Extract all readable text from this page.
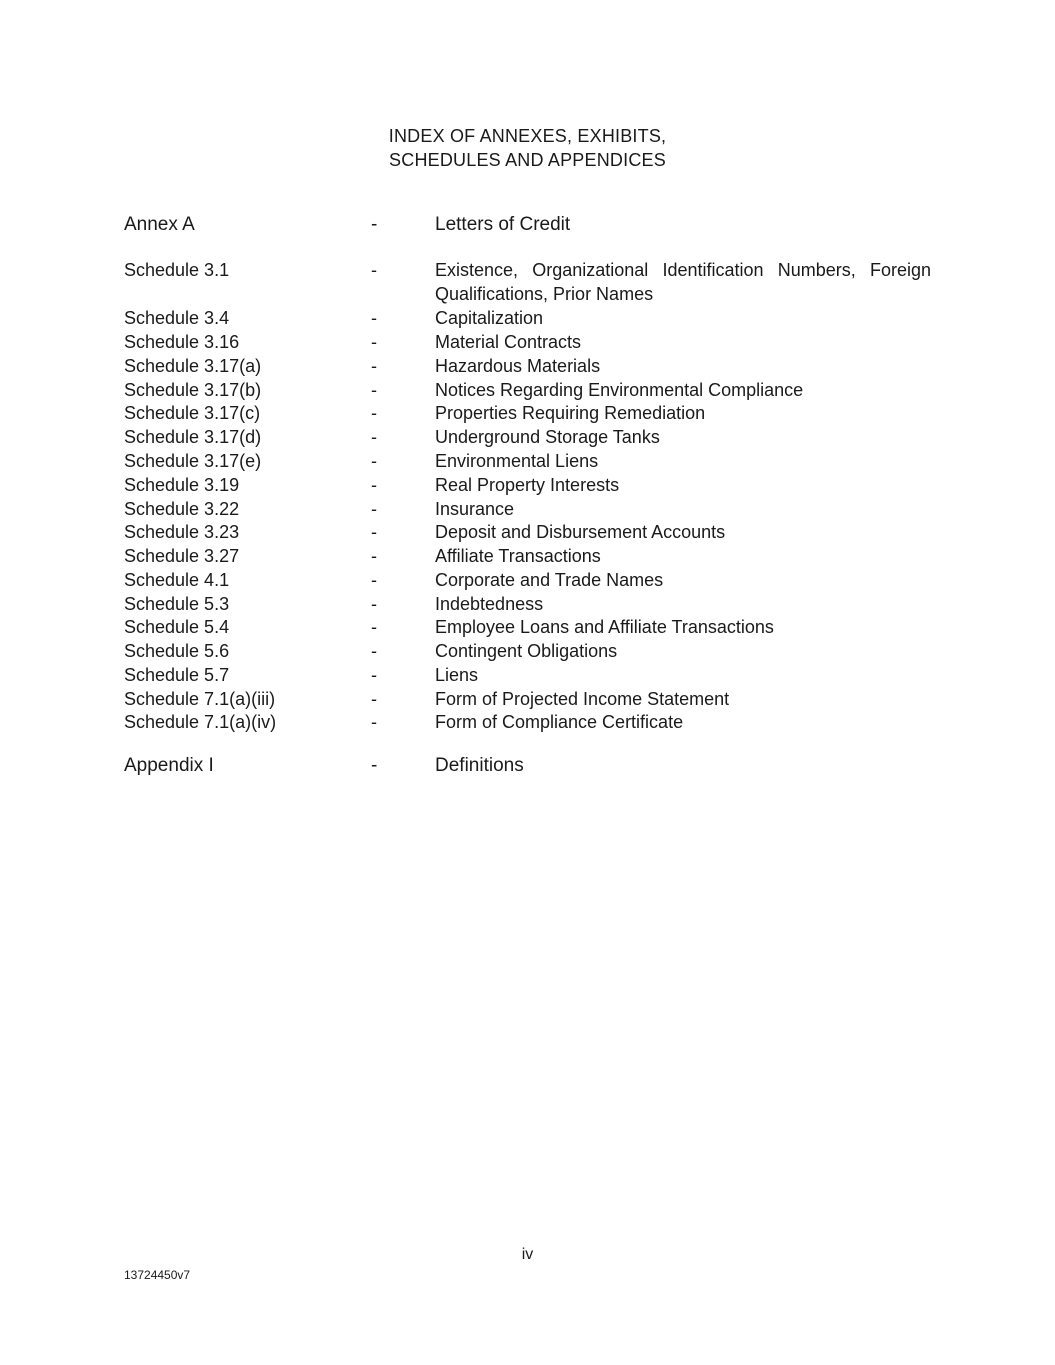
INDEX OF ANNEXES, EXHIBITS,
SCHEDULES AND APPENDICES
Annex A	-	Letters of Credit
Schedule 3.1	-	Existence, Organizational Identification Numbers, Foreign Qualifications, Prior Names
Schedule 3.4	-	Capitalization
Schedule 3.16	-	Material Contracts
Schedule 3.17(a)	-	Hazardous Materials
Schedule 3.17(b)	-	Notices Regarding Environmental Compliance
Schedule 3.17(c)	-	Properties Requiring Remediation
Schedule 3.17(d)	-	Underground Storage Tanks
Schedule 3.17(e)	-	Environmental Liens
Schedule 3.19	-	Real Property Interests
Schedule 3.22	-	Insurance
Schedule 3.23	-	Deposit and Disbursement Accounts
Schedule 3.27	-	Affiliate Transactions
Schedule 4.1	-	Corporate and Trade Names
Schedule 5.3	-	Indebtedness
Schedule 5.4	-	Employee Loans and Affiliate Transactions
Schedule 5.6	-	Contingent Obligations
Schedule 5.7	-	Liens
Schedule 7.1(a)(iii)	-	Form of Projected Income Statement
Schedule 7.1(a)(iv)	-	Form of Compliance Certificate
Appendix I	-	Definitions
iv
13724450v7
